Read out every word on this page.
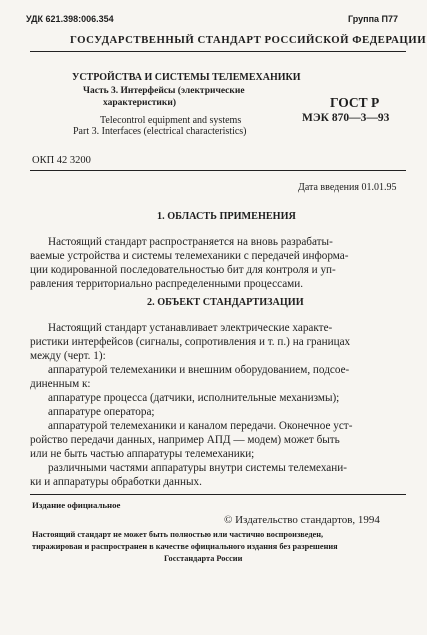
УДК 621.398:006.354	Группа П77
ГОСУДАРСТВЕННЫЙ СТАНДАРТ РОССИЙСКОЙ ФЕДЕРАЦИИ
УСТРОЙСТВА И СИСТЕМЫ ТЕЛЕМЕХАНИКИ
Часть 3. Интерфейсы (электрические
характеристики)
Telecontrol equipment and systems
Part 3. Interfaces (electrical characteristics)
ГОСТ Р
МЭК 870—3—93
ОКП 42 3200
Дата введения 01.01.95
1. ОБЛАСТЬ ПРИМЕНЕНИЯ
Настоящий стандарт распространяется на вновь разрабаты-
ваемые устройства и системы телемеханики с передачей информа-
ции кодированной последовательностью бит для контроля и уп-
равления территориально распределенными процессами.
2. ОБЪЕКТ СТАНДАРТИЗАЦИИ
Настоящий стандарт устанавливает электрические характе-
ристики интерфейсов (сигналы, сопротивления и т. п.) на границах
между (черт. 1):
аппаратурой телемеханики и внешним оборудованием, подсое-
диненным к:
аппаратуре процесса (датчики, исполнительные механизмы);
аппаратуре оператора;
аппаратурой телемеханики и каналом передачи. Оконечное уст-
ройство передачи данных, например АПД — модем) может быть
или не быть частью аппаратуры телемеханики;
различными частями аппаратуры внутри системы телемехани-
ки и аппаратуры обработки данных.
Издание официальное
© Издательство стандартов, 1994
Настоящий стандарт не может быть полностью или частично воспроизведен,
тиражирован и распространен в качестве официального издания без разрешения
Госстандарта России
